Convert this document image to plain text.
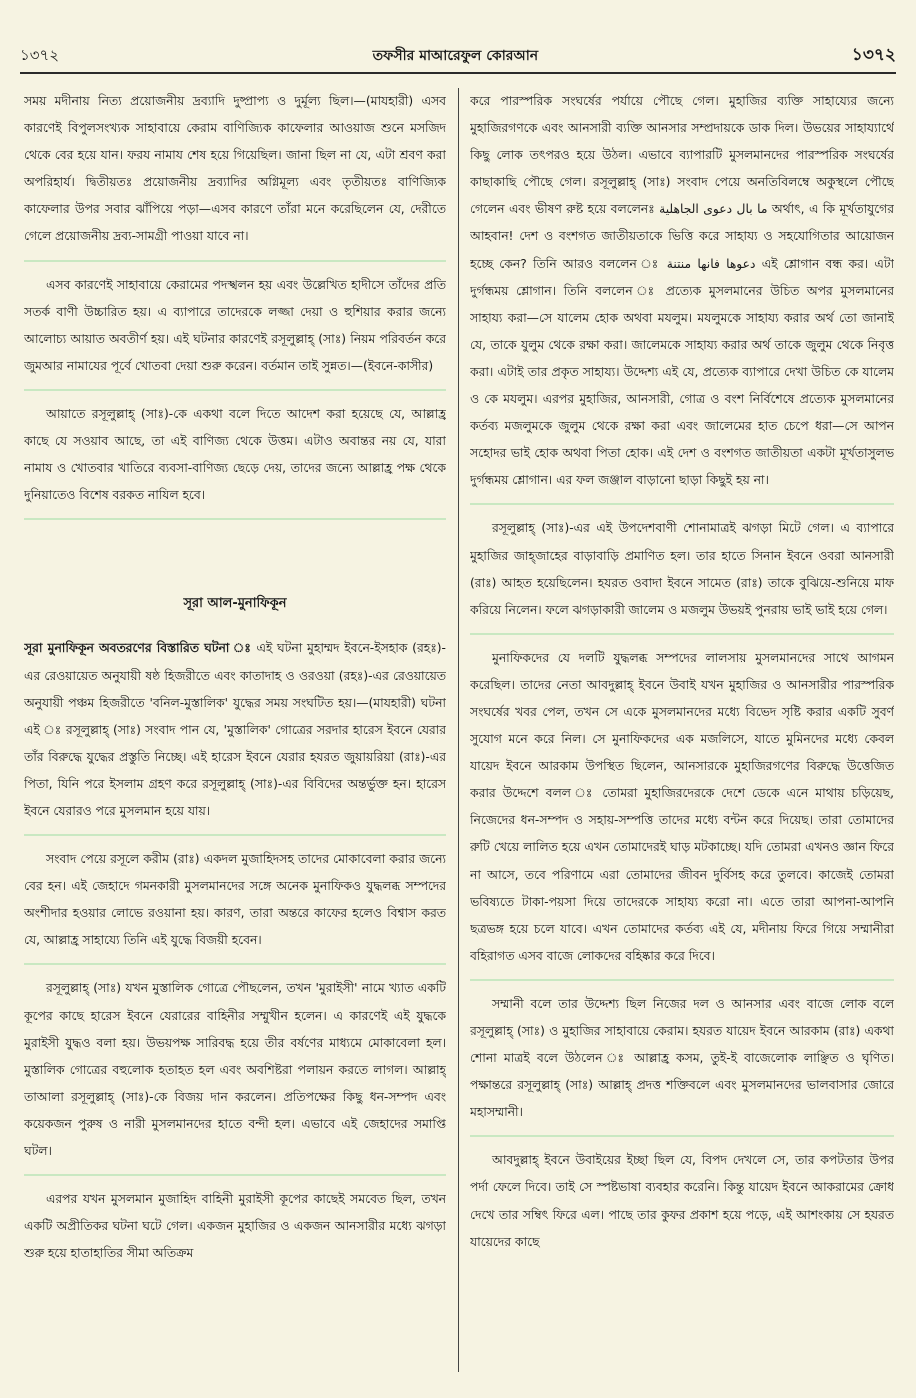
১৩৭২	তফসীর মাআরেফুল কোরআন	১৩৭২

সময় মদীনায় নিত্য প্রয়োজনীয় দ্রব্যাদি দুষ্প্রাপ্য ও দুর্মূল্য ছিল।—(মাযহারী) এসব কারণেই বিপুলসংখ্যক সাহাবায়ে কেরাম বাণিজ্যিক কাফেলার আওয়াজ শুনে মসজিদ থেকে বের হয়ে যান। ফরয নামায শেষ হয়ে গিয়েছিল। জানা ছিল না যে, এটা শ্রবণ করা অপরিহার্য। দ্বিতীয়তঃ প্রয়োজনীয় দ্রব্যাদির অগ্নিমূল্য এবং তৃতীয়তঃ বাণিজ্যিক কাফেলার উপর সবার ঝাঁপিয়ে পড়া—এসব কারণে তাঁরা মনে করেছিলেন যে, দেরীতে গেলে প্রয়োজনীয় দ্রব্য-সামগ্রী পাওয়া যাবে না।

এসব কারণেই সাহাবায়ে কেরামের পদস্খলন হয় এবং উল্লেখিত হাদীসে তাঁদের প্রতি সতর্ক বাণী উচ্চারিত হয়। এ ব্যাপারে তাদেরকে লজ্জা দেয়া ও হুশিয়ার করার জন্যে আলোচ্য আয়াত অবতীর্ণ হয়। এই ঘটনার কারণেই রসূলুল্লাহ্ (সাঃ) নিয়ম পরিবর্তন করে জুমআর নামাযের পূর্বে খোতবা দেয়া শুরু করেন। বর্তমান তাই সুন্নত।—(ইবনে-কাসীর)

আয়াতে রসূলুল্লাহ্ (সাঃ)-কে একথা বলে দিতে আদেশ করা হয়েছে যে, আল্লাহ্র কাছে যে সওয়াব আছে, তা এই বাণিজ্য থেকে উত্তম। এটাও অবান্তর নয় যে, যারা নামায ও খোতবার খাতিরে ব্যবসা-বাণিজ্য ছেড়ে দেয়, তাদের জন্যে আল্লাহ্র পক্ষ থেকে দুনিয়াতেও বিশেষ বরকত নাযিল হবে।

সূরা আল-মুনাফিকূন

সূরা মুনাফিকূন অবতরণের বিস্তারিত ঘটনা ঃ এই ঘটনা মুহাম্মদ ইবনে-ইসহাক (রহঃ)-এর রেওয়ায়েত অনুযায়ী ষষ্ঠ হিজরীতে এবং কাতাদাহ ও ওরওয়া (রহঃ)-এর রেওয়ায়েত অনুযায়ী পঞ্চম হিজরীতে 'বনিল-মুস্তালিক' যুদ্ধের সময় সংঘটিত হয়।—(মাযহারী) ঘটনা এই ঃ রসূলুল্লাহ্ (সাঃ) সংবাদ পান যে, 'মুস্তালিক' গোত্রের সরদার হারেস ইবনে যেরার তাঁর বিরুদ্ধে যুদ্ধের প্রস্তুতি নিচ্ছে। এই হারেস ইবনে যেরার হযরত জুয়ায়রিয়া (রাঃ)-এর পিতা, যিনি পরে ইসলাম গ্রহণ করে রসূলুল্লাহ্ (সাঃ)-এর বিবিদের অন্তর্ভুক্ত হন। হারেস ইবনে যেরারও পরে মুসলমান হয়ে যায়।

সংবাদ পেয়ে রসূলে করীম (রাঃ) একদল মুজাহিদসহ তাদের মোকাবেলা করার জন্যে বের হন। এই জেহাদে গমনকারী মুসলমানদের সঙ্গে অনেক মুনাফিকও যুদ্ধলব্ধ সম্পদের অংশীদার হওয়ার লোভে রওয়ানা হয়। কারণ, তারা অন্তরে কাফের হলেও বিশ্বাস করত যে, আল্লাহ্র সাহায্যে তিনি এই যুদ্ধে বিজয়ী হবেন।

রসূলুল্লাহ্ (সাঃ) যখন মুস্তালিক গোত্রে পৌছলেন, তখন 'মুরাইসী' নামে খ্যাত একটি কূপের কাছে হারেস ইবনে যেরারের বাহিনীর সম্মুখীন হলেন। এ কারণেই এই যুদ্ধকে মুরাইসী যুদ্ধও বলা হয়। উভয়পক্ষ সারিবদ্ধ হয়ে তীর বর্ষণের মাধ্যমে মোকাবেলা হল। মুস্তালিক গোত্রের বহুলোক হতাহত হল এবং অবশিষ্টরা পলায়ন করতে লাগল। আল্লাহ্ তাআলা রসূলুল্লাহ্ (সাঃ)-কে বিজয় দান করলেন। প্রতিপক্ষের কিছু ধন-সম্পদ এবং কয়েকজন পুরুষ ও নারী মুসলমানদের হাতে বন্দী হল। এভাবে এই জেহাদের সমাপ্তি ঘটল।

এরপর যখন মুসলমান মুজাহিদ বাহিনী মুরাইসী কূপের কাছেই সমবেত ছিল, তখন একটি অপ্রীতিকর ঘটনা ঘটে গেল। একজন মুহাজির ও একজন আনসারীর মধ্যে ঝগড়া শুরু হয়ে হাতাহাতির সীমা অতিক্রম

করে পারস্পরিক সংঘর্ষের পর্যায়ে পৌছে গেল। মুহাজির ব্যক্তি সাহায্যের জন্যে মুহাজিরগণকে এবং আনসারী ব্যক্তি আনসার সম্প্রদায়কে ডাক দিল। উভয়ের সাহায্যার্থে কিছু লোক তৎপরও হয়ে উঠল। এভাবে ব্যাপারটি মুসলমানদের পারস্পরিক সংঘর্ষের কাছাকাছি পৌছে গেল। রসূলুল্লাহ্ (সাঃ) সংবাদ পেয়ে অনতিবিলম্বে অকুস্থলে পৌছে গেলেন এবং ভীষণ রুষ্ট হয়ে বললেনঃ ما بال دعوى الجاهلية অর্থাৎ, এ কি মূর্খতাযুগের আহবান! দেশ ও বংশগত জাতীয়তাকে ভিত্তি করে সাহায্য ও সহযোগিতার আয়োজন হচ্ছে কেন? তিনি আরও বললেন ঃ دعوها فانها منتنة এই শ্লোগান বন্ধ কর। এটা দুর্গন্ধময় শ্লোগান। তিনি বললেন ঃ প্রত্যেক মুসলমানের উচিত অপর মুসলমানের সাহায্য করা—সে যালেম হোক অথবা মযলুম। মযলুমকে সাহায্য করার অর্থ তো জানাই যে, তাকে যুলুম থেকে রক্ষা করা। জালেমকে সাহায্য করার অর্থ তাকে জুলুম থেকে নিবৃত্ত করা। এটাই তার প্রকৃত সাহায্য। উদ্দেশ্য এই যে, প্রত্যেক ব্যাপারে দেখা উচিত কে যালেম ও কে মযলুম। এরপর মুহাজির, আনসারী, গোত্র ও বংশ নির্বিশেষে প্রত্যেক মুসলমানের কর্তব্য মজলুমকে জুলুম থেকে রক্ষা করা এবং জালেমের হাত চেপে ধরা—সে আপন সহোদর ভাই হোক অথবা পিতা হোক। এই দেশ ও বংশগত জাতীয়তা একটা মূর্খতাসুলভ দুর্গন্ধময় শ্লোগান। এর ফল জঞ্জাল বাড়ানো ছাড়া কিছুই হয় না।

রসূলুল্লাহ্ (সাঃ)-এর এই উপদেশবাণী শোনামাত্রই ঝগড়া মিটে গেল। এ ব্যাপারে মুহাজির জাহ্জাহের বাড়াবাড়ি প্রমাণিত হল। তার হাতে সিনান ইবনে ওবরা আনসারী (রাঃ) আহত হয়েছিলেন। হযরত ওবাদা ইবনে সামেত (রাঃ) তাকে বুঝিয়ে-শুনিয়ে মাফ করিয়ে নিলেন। ফলে ঝগড়াকারী জালেম ও মজলুম উভয়ই পুনরায় ভাই ভাই হয়ে গেল।

মুনাফিকদের যে দলটি যুদ্ধলব্ধ সম্পদের লালসায় মুসলমানদের সাথে আগমন করেছিল। তাদের নেতা আবদুল্লাহ্ ইবনে উবাই যখন মুহাজির ও আনসারীর পারস্পরিক সংঘর্ষের খবর পেল, তখন সে একে মুসলমানদের মধ্যে বিভেদ সৃষ্টি করার একটি সুবর্ণ সুযোগ মনে করে নিল। সে মুনাফিকদের এক মজলিসে, যাতে মুমিনদের মধ্যে কেবল যায়েদ ইবনে আরকাম উপস্থিত ছিলেন, আনসারকে মুহাজিরগণের বিরুদ্ধে উত্তেজিত করার উদ্দেশে বলল ঃ তোমরা মুহাজিরদেরকে দেশে ডেকে এনে মাথায় চড়িয়েছ, নিজেদের ধন-সম্পদ ও সহায়-সম্পত্তি তাদের মধ্যে বন্টন করে দিয়েছ। তারা তোমাদের রুটি খেয়ে লালিত হয়ে এখন তোমাদেরই ঘাড় মটকাচ্ছে। যদি তোমরা এখনও জ্ঞান ফিরে না আসে, তবে পরিণামে এরা তোমাদের জীবন দুর্বিসহ করে তুলবে। কাজেই তোমরা ভবিষ্যতে টাকা-পয়সা দিয়ে তাদেরকে সাহায্য করো না। এতে তারা আপনা-আপনি ছত্রভঙ্গ হয়ে চলে যাবে। এখন তোমাদের কর্তব্য এই যে, মদীনায় ফিরে গিয়ে সম্মানীরা বহিরাগত এসব বাজে লোকদের বহিষ্কার করে দিবে।

সম্মানী বলে তার উদ্দেশ্য ছিল নিজের দল ও আনসার এবং বাজে লোক বলে রসূলুল্লাহ্ (সাঃ) ও মুহাজির সাহাবায়ে কেরাম। হযরত যায়েদ ইবনে আরকাম (রাঃ) একথা শোনা মাত্রই বলে উঠলেন ঃ আল্লাহ্র কসম, তুই-ই বাজেলোক লাঞ্ছিত ও ঘৃণিত। পক্ষান্তরে রসূলুল্লাহ্ (সাঃ) আল্লাহ্ প্রদত্ত শক্তিবলে এবং মুসলমানদের ভালবাসার জোরে মহাসম্মানী।

আবদুল্লাহ্ ইবনে উবাইয়ের ইচ্ছা ছিল যে, বিপদ দেখলে সে, তার কপটতার উপর পর্দা ফেলে দিবে। তাই সে স্পষ্টভাষা ব্যবহার করেনি। কিন্তু যায়েদ ইবনে আকরামের ক্রোধ দেখে তার সম্বিৎ ফিরে এল। পাছে তার কুফর প্রকাশ হয়ে পড়ে, এই আশংকায় সে হযরত যায়েদের কাছে
